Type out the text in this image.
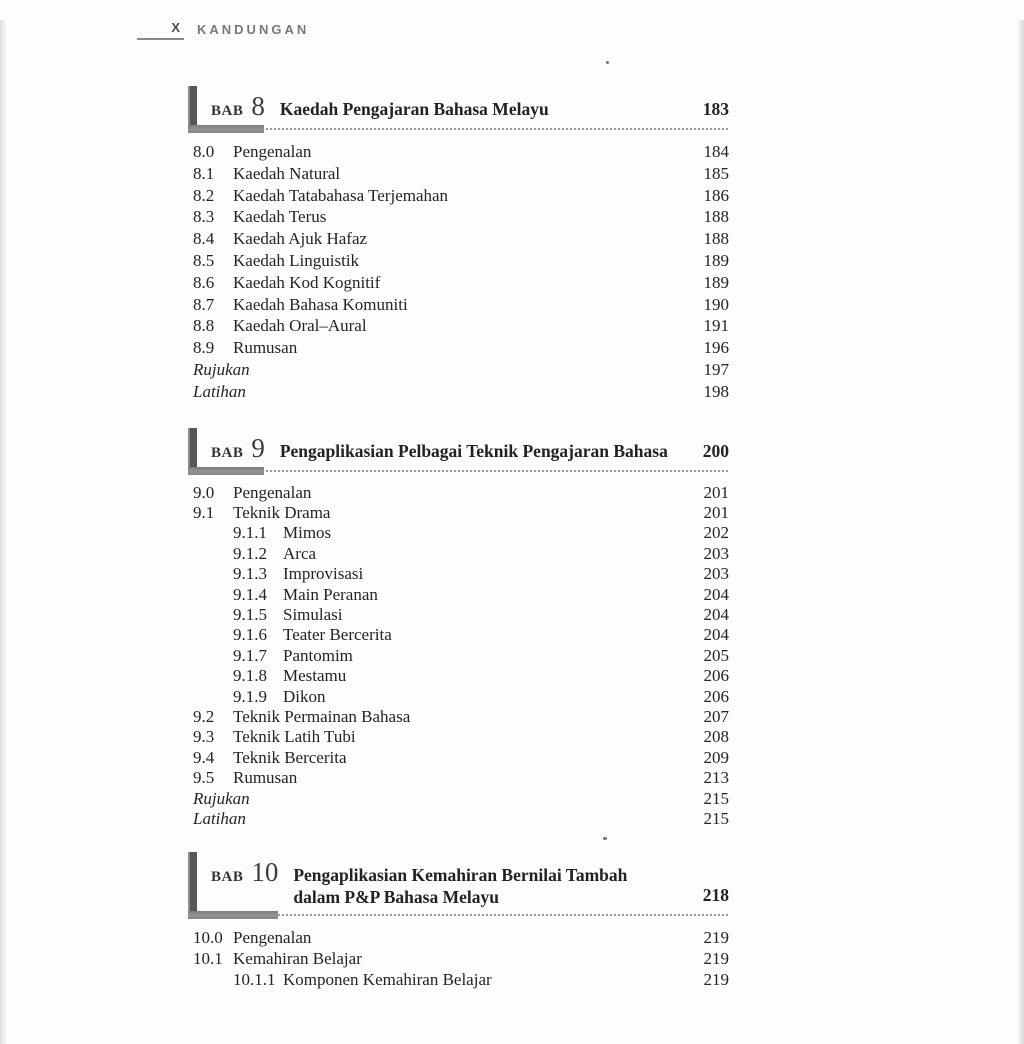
X	KANDUNGAN
BAB 8 Kaedah Pengajaran Bahasa Melayu	183
8.0	Pengenalan	184
8.1	Kaedah Natural	185
8.2	Kaedah Tatabahasa Terjemahan	186
8.3	Kaedah Terus	188
8.4	Kaedah Ajuk Hafaz	188
8.5	Kaedah Linguistik	189
8.6	Kaedah Kod Kognitif	189
8.7	Kaedah Bahasa Komuniti	190
8.8	Kaedah Oral–Aural	191
8.9	Rumusan	196
Rujukan	197
Latihan	198
BAB 9 Pengaplikasian Pelbagai Teknik Pengajaran Bahasa	200
9.0	Pengenalan	201
9.1	Teknik Drama	201
9.1.1 Mimos	202
9.1.2 Arca	203
9.1.3 Improvisasi	203
9.1.4 Main Peranan	204
9.1.5 Simulasi	204
9.1.6 Teater Bercerita	204
9.1.7 Pantomim	205
9.1.8 Mestamu	206
9.1.9 Dikon	206
9.2	Teknik Permainan Bahasa	207
9.3	Teknik Latih Tubi	208
9.4	Teknik Bercerita	209
9.5	Rumusan	213
Rujukan	215
Latihan	215
BAB 10 Pengaplikasian Kemahiran Bernilai Tambah
dalam P&P Bahasa Melayu	218
10.0 Pengenalan	219
10.1 Kemahiran Belajar	219
10.1.1 Komponen Kemahiran Belajar	219
